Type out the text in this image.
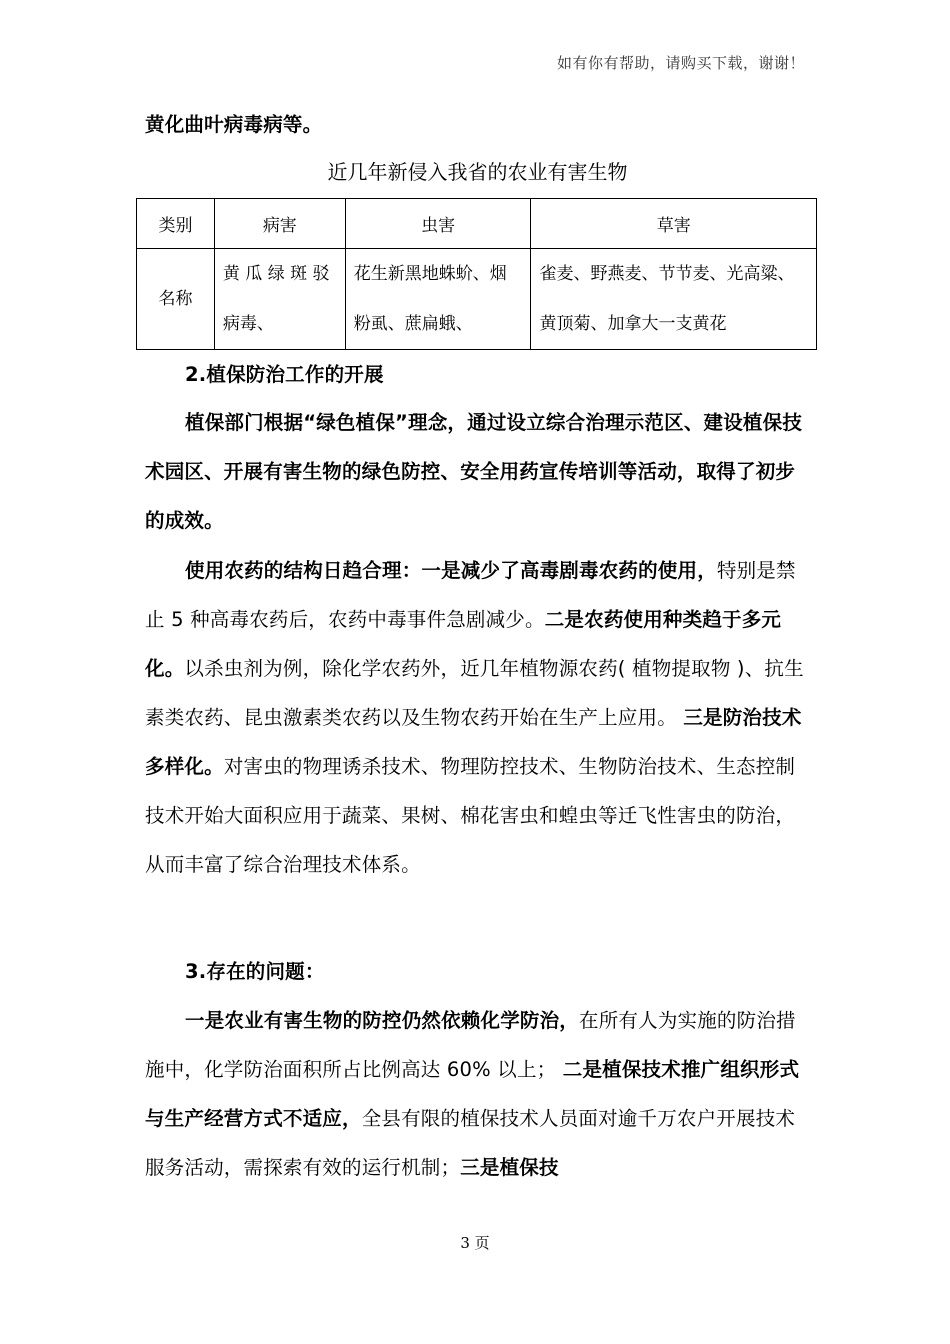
如有你有帮助，请购买下载，谢谢！
黄化曲叶病毒病等。
近几年新侵入我省的农业有害生物
类别	病害	虫害	草害
名称	黄 瓜 绿 斑 驳 病毒、	花生新黑地蛛蚧、烟粉虱、蔗扁蛾、	雀麦、野燕麦、节节麦、光高粱、黄顶菊、加拿大一支黄花
2.植保防治工作的开展
植保部门根据“绿色植保”理念，通过设立综合治理示范区、建设植保技术园区、开展有害生物的绿色防控、安全用药宣传培训等活动，取得了初步的成效。
使用农药的结构日趋合理：一是减少了高毒剧毒农药的使用，特别是禁止 5 种高毒农药后，农药中毒事件急剧减少。二是农药使用种类趋于多元化。以杀虫剂为例，除化学农药外，近几年植物源农药( 植物提取物 )、抗生素类农药、昆虫激素类农药以及生物农药开始在生产上应用。 三是防治技术多样化。对害虫的物理诱杀技术、物理防控技术、生物防治技术、生态控制技术开始大面积应用于蔬菜、果树、棉花害虫和蝗虫等迁飞性害虫的防治，从而丰富了综合治理技术体系。
3.存在的问题：
一是农业有害生物的防控仍然依赖化学防治，在所有人为实施的防治措施中，化学防治面积所占比例高达 60% 以上； 二是植保技术推广组织形式与生产经营方式不适应，全县有限的植保技术人员面对逾千万农户开展技术服务活动，需探索有效的运行机制；三是植保技
3 页
